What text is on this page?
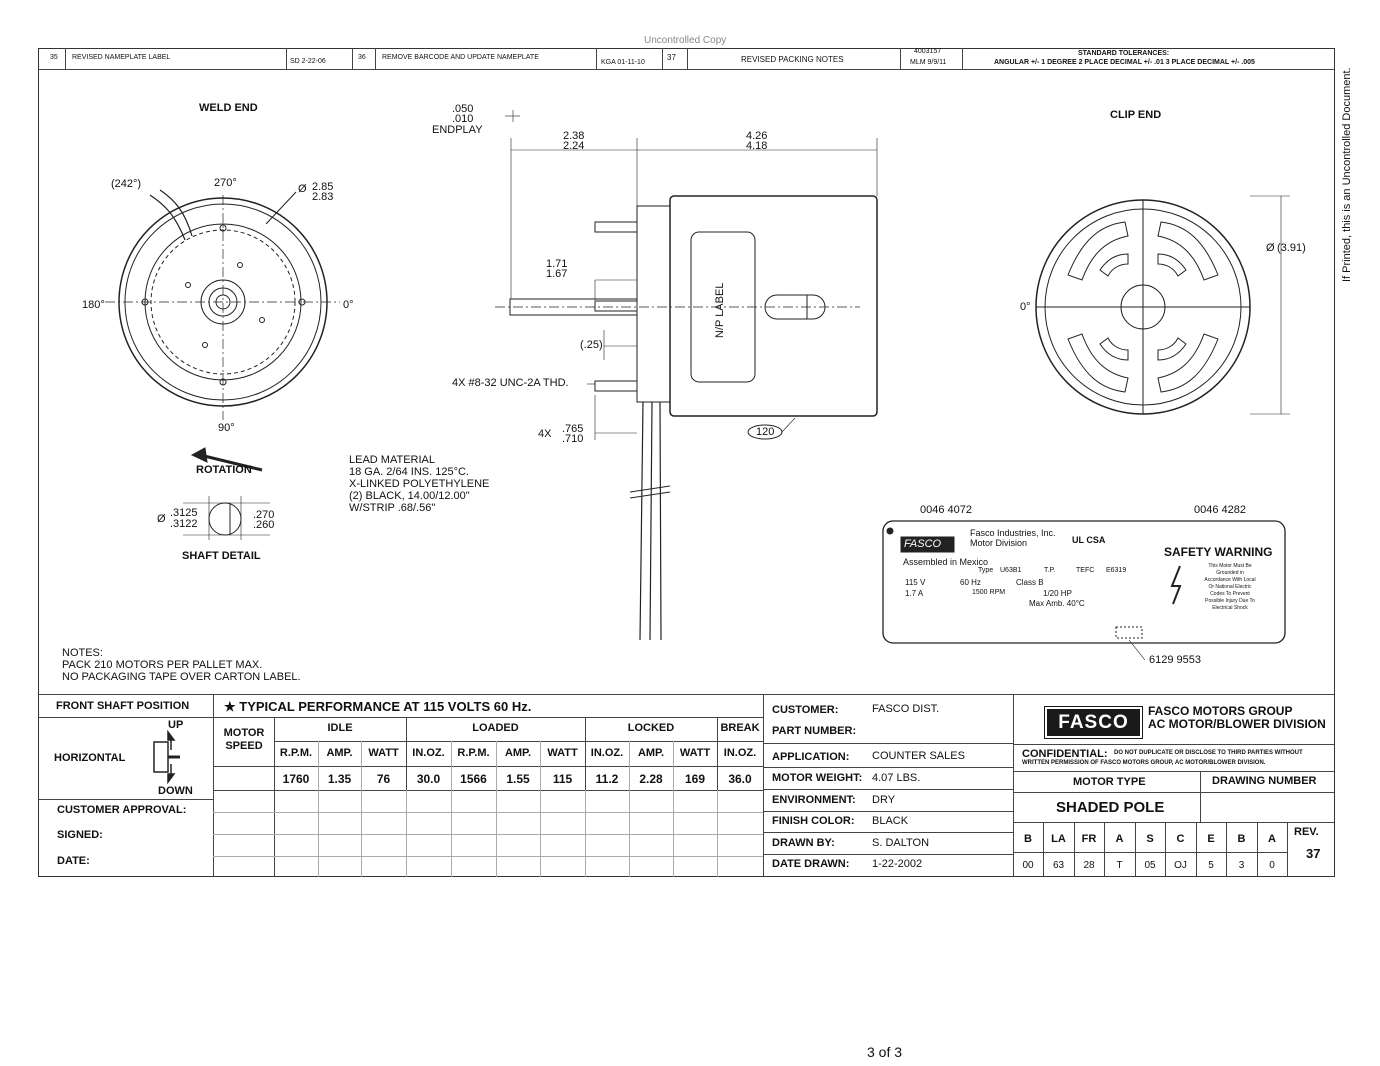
Uncontrolled Copy
If Printed, this is an Uncontrolled Document.
35 REVISED NAMEPLATE LABEL
SD 2-22-06
36 REMOVE BARCODE AND UPDATE NAMEPLATE
KGA 01-11-10
37	REVISED PACKING NOTES
4003157
MLM 9/9/11
STANDARD TOLERANCES:
ANGULAR +/- 1 DEGREE 2 PLACE DECIMAL +/- .01 3 PLACE DECIMAL +/- .005
WELD END
CLIP END
(242°)	270°
180°	0°
90°
Ø 2.85
2.83
ROTATION
Ø .3125
.3122
.270
.260
SHAFT DETAIL
.050
.010
ENDPLAY	2.38
2.24
4.26
4.18
1.71
1.67
(.25)
4X #8-32 UNC-2A THD.
4X .765
.710
120
N/P LABEL	0°
Ø (3.91)
LEAD MATERIAL
18 GA. 2/64 INS. 125°C.
X-LINKED POLYETHYLENE
(2) BLACK, 14.00/12.00"
W/STRIP .68/.56"	0046 4072	0046 4282
6129 9553
FASCO
Fasco Industries, Inc.
Motor Division	UL CSA
Assembled in Mexico
Type U63B1	T.P.	TEFC E6319
115 V	60 Hz	Class B
1.7 A	1500 RPM	1/20 HP
Max Amb. 40°C
SAFETY WARNING
This Motor Must Be
Grounded in
Accordance With Local
Or National Electric
Codes To Prevent
Possible Injury Due To
Electrical Shock
NOTES:
PACK 210 MOTORS PER PALLET MAX.
NO PACKAGING TAPE OVER CARTON LABEL.
FRONT SHAFT POSITION
HORIZONTAL
UP
DOWN
CUSTOMER APPROVAL:
SIGNED:
DATE:
★ TYPICAL PERFORMANCE AT 115 VOLTS 60 Hz.
MOTOR
SPEED
IDLE	LOADED	LOCKED	BREAK
R.P.M.	AMP.	WATT	IN.OZ.	R.P.M.	AMP.	WATT	IN.OZ.	AMP.	WATT	IN.OZ.
1760	1.35	76	30.0	1566	1.55	115	11.2	2.28	169	36.0
CUSTOMER:	FASCO DIST.
PART NUMBER:
APPLICATION: COUNTER SALES
MOTOR WEIGHT: 4.07 LBS.
ENVIRONMENT: DRY
FINISH COLOR: BLACK
DRAWN BY:	S. DALTON
DATE DRAWN: 1-22-2002
FASCO
FASCO MOTORS GROUP
AC MOTOR/BLOWER DIVISION
CONFIDENTIAL: DO NOT DUPLICATE OR DISCLOSE TO THIRD PARTIES WITHOUT
WRITTEN PERMISSION OF FASCO MOTORS GROUP, AC MOTOR/BLOWER DIVISION.
MOTOR TYPE	DRAWING NUMBER
SHADED POLE
B	LA	FR	A	S	C	E	B	A
00	63	28	T	05	OJ	5	3	0
REV.
37
3 of 3
